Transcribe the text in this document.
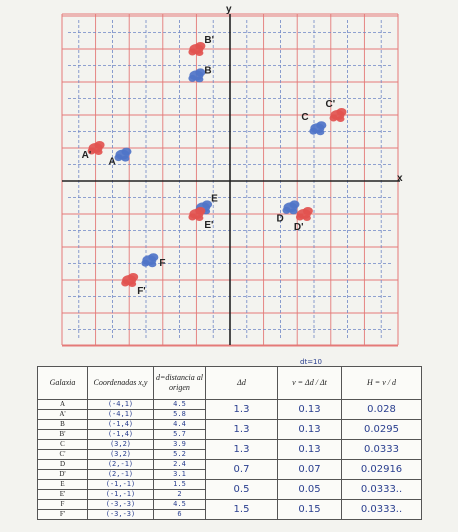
x
y
B'
B
C'
C
A'
A
E
E'
D
D'
F
F'
dt=10
Galaxia	Coordenadas x,y	d=distancia al origen	Δd	v = Δd / Δt	H = v / d
A	(-4,1)	4.5	1.3	0.13	0.028
A'	(-4,1)	5.8			
B	(-1,4)	4.4	1.3	0.13	0.0295
B'	(-1,4)	5.7			
C	(3,2)	3.9	1.3	0.13	0.0333
C'	(3,2)	5.2			
D	(2,-1)	2.4	0.7	0.07	0.02916
D'	(2,-1)	3.1			
E	(-1,-1)	1.5	0.5	0.05	0.0333..
E'	(-1,-1)	2			
F	(-3,-3)	4.5	1.5	0.15	0.0333..
F'	(-3,-3)	6			
